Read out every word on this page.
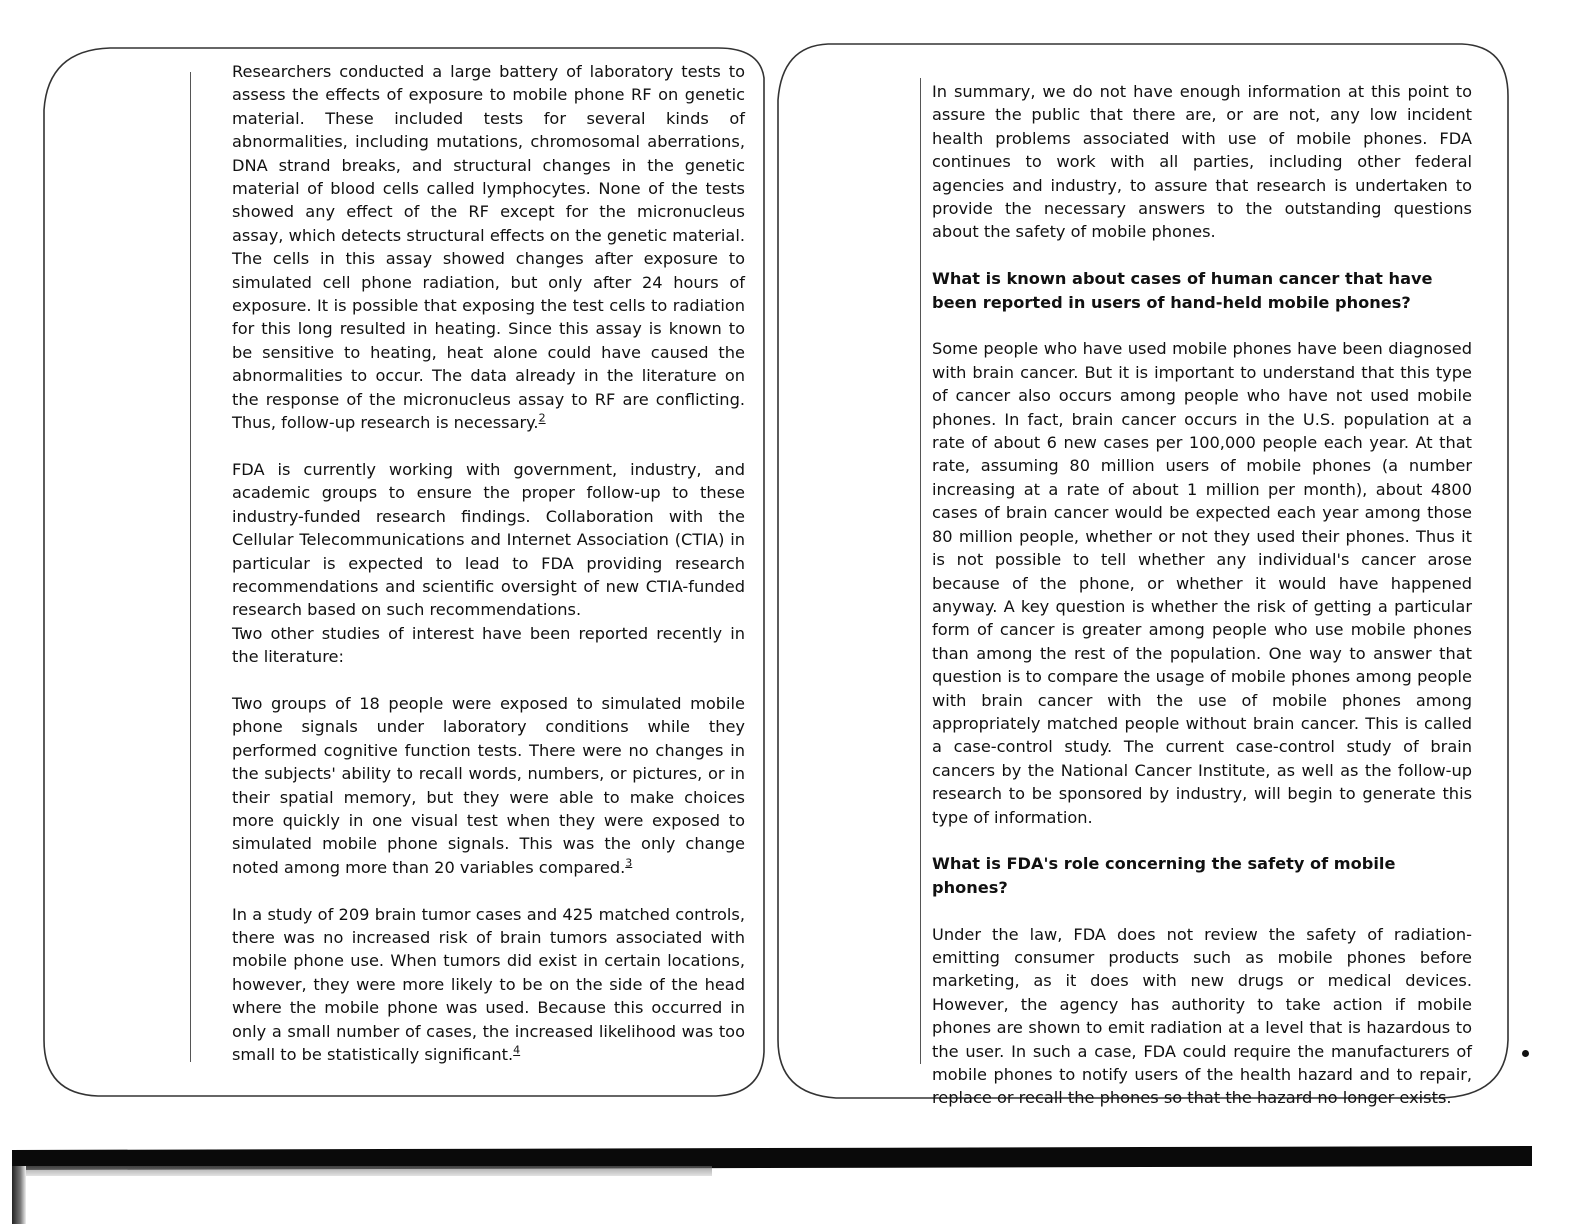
Researchers conducted a large battery of laboratory tests to assess the effects of exposure to mobile phone RF on genetic material. These included tests for several kinds of abnormalities, including mutations, chromosomal aberrations, DNA strand breaks, and structural changes in the genetic material of blood cells called lymphocytes. None of the tests showed any effect of the RF except for the micronucleus assay, which detects structural effects on the genetic material. The cells in this assay showed changes after exposure to simulated cell phone radiation, but only after 24 hours of exposure. It is possible that exposing the test cells to radiation for this long resulted in heating. Since this assay is known to be sensitive to heating, heat alone could have caused the abnormalities to occur. The data already in the literature on the response of the micronucleus assay to RF are conflicting. Thus, follow-up research is necessary.$^2$

FDA is currently working with government, industry, and academic groups to ensure the proper follow-up to these industry-funded research findings. Collaboration with the Cellular Telecommunications and Internet Association (CTIA) in particular is expected to lead to FDA providing research recommendations and scientific oversight of new CTIA-funded research based on such recommendations.

Two other studies of interest have been reported recently in the literature:

Two groups of 18 people were exposed to simulated mobile phone signals under laboratory conditions while they performed cognitive function tests. There were no changes in the subjects' ability to recall words, numbers, or pictures, or in their spatial memory, but they were able to make choices more quickly in one visual test when they were exposed to simulated mobile phone signals. This was the only change noted among more than 20 variables compared.$^3$

In a study of 209 brain tumor cases and 425 matched controls, there was no increased risk of brain tumors associated with mobile phone use. When tumors did exist in certain locations, however, they were more likely to be on the side of the head where the mobile phone was used. Because this occurred in only a small number of cases, the increased likelihood was too small to be statistically significant.$^4$

In summary, we do not have enough information at this point to assure the public that there are, or are not, any low incident health problems associated with use of mobile phones. FDA continues to work with all parties, including other federal agencies and industry, to assure that research is undertaken to provide the necessary answers to the outstanding questions about the safety of mobile phones.

What is known about cases of human cancer that have been reported in users of hand-held mobile phones?

Some people who have used mobile phones have been diagnosed with brain cancer. But it is important to understand that this type of cancer also occurs among people who have not used mobile phones. In fact, brain cancer occurs in the U.S. population at a rate of about 6 new cases per 100,000 people each year. At that rate, assuming 80 million users of mobile phones (a number increasing at a rate of about 1 million per month), about 4800 cases of brain cancer would be expected each year among those 80 million people, whether or not they used their phones. Thus it is not possible to tell whether any individual's cancer arose because of the phone, or whether it would have happened anyway. A key question is whether the risk of getting a particular form of cancer is greater among people who use mobile phones than among the rest of the population. One way to answer that question is to compare the usage of mobile phones among people with brain cancer with the use of mobile phones among appropriately matched people without brain cancer. This is called a case-control study. The current case-control study of brain cancers by the National Cancer Institute, as well as the follow-up research to be sponsored by industry, will begin to generate this type of information.

What is FDA's role concerning the safety of mobile phones?

Under the law, FDA does not review the safety of radiation-emitting consumer products such as mobile phones before marketing, as it does with new drugs or medical devices. However, the agency has authority to take action if mobile phones are shown to emit radiation at a level that is hazardous to the user. In such a case, FDA could require the manufacturers of mobile phones to notify users of the health hazard and to repair, replace or recall the phones so that the hazard no longer exists.
